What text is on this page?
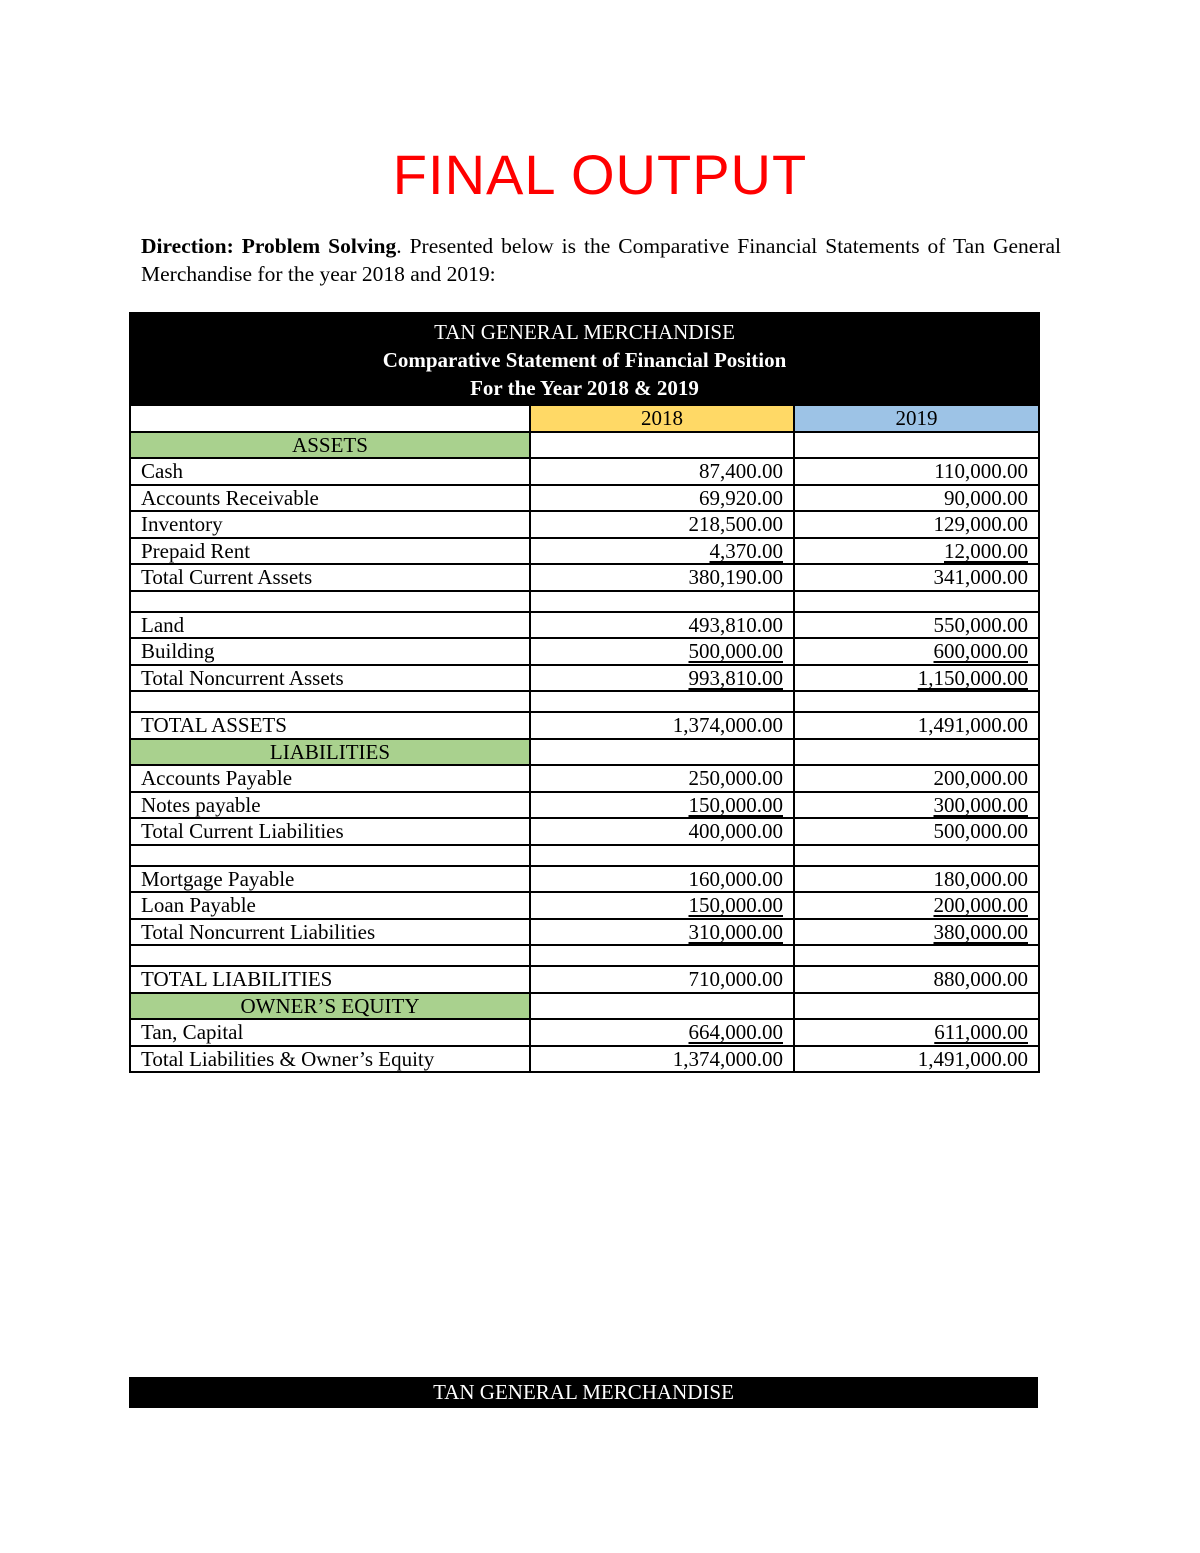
FINAL OUTPUT
Direction: Problem Solving. Presented below is the Comparative Financial Statements of Tan General Merchandise for the year 2018 and 2019:
TAN GENERAL MERCHANDISE
Comparative Statement of Financial Position
For the Year 2018 & 2019		

	2018	2019
ASSETS		
Cash	87,400.00	110,000.00
Accounts Receivable	69,920.00	90,000.00
Inventory	218,500.00	129,000.00
Prepaid Rent	4,370.00	12,000.00
Total Current Assets	380,190.00	341,000.00

Land	493,810.00	550,000.00
Building	500,000.00	600,000.00
Total Noncurrent Assets	993,810.00	1,150,000.00

TOTAL ASSETS	1,374,000.00	1,491,000.00
LIABILITIES		
Accounts Payable	250,000.00	200,000.00
Notes payable	150,000.00	300,000.00
Total Current Liabilities	400,000.00	500,000.00

Mortgage Payable	160,000.00	180,000.00
Loan Payable	150,000.00	200,000.00
Total Noncurrent Liabilities	310,000.00	380,000.00

TOTAL LIABILITIES	710,000.00	880,000.00
OWNER’S EQUITY		
Tan, Capital	664,000.00	611,000.00
Total Liabilities & Owner’s Equity	1,374,000.00	1,491,000.00
TAN GENERAL MERCHANDISE
